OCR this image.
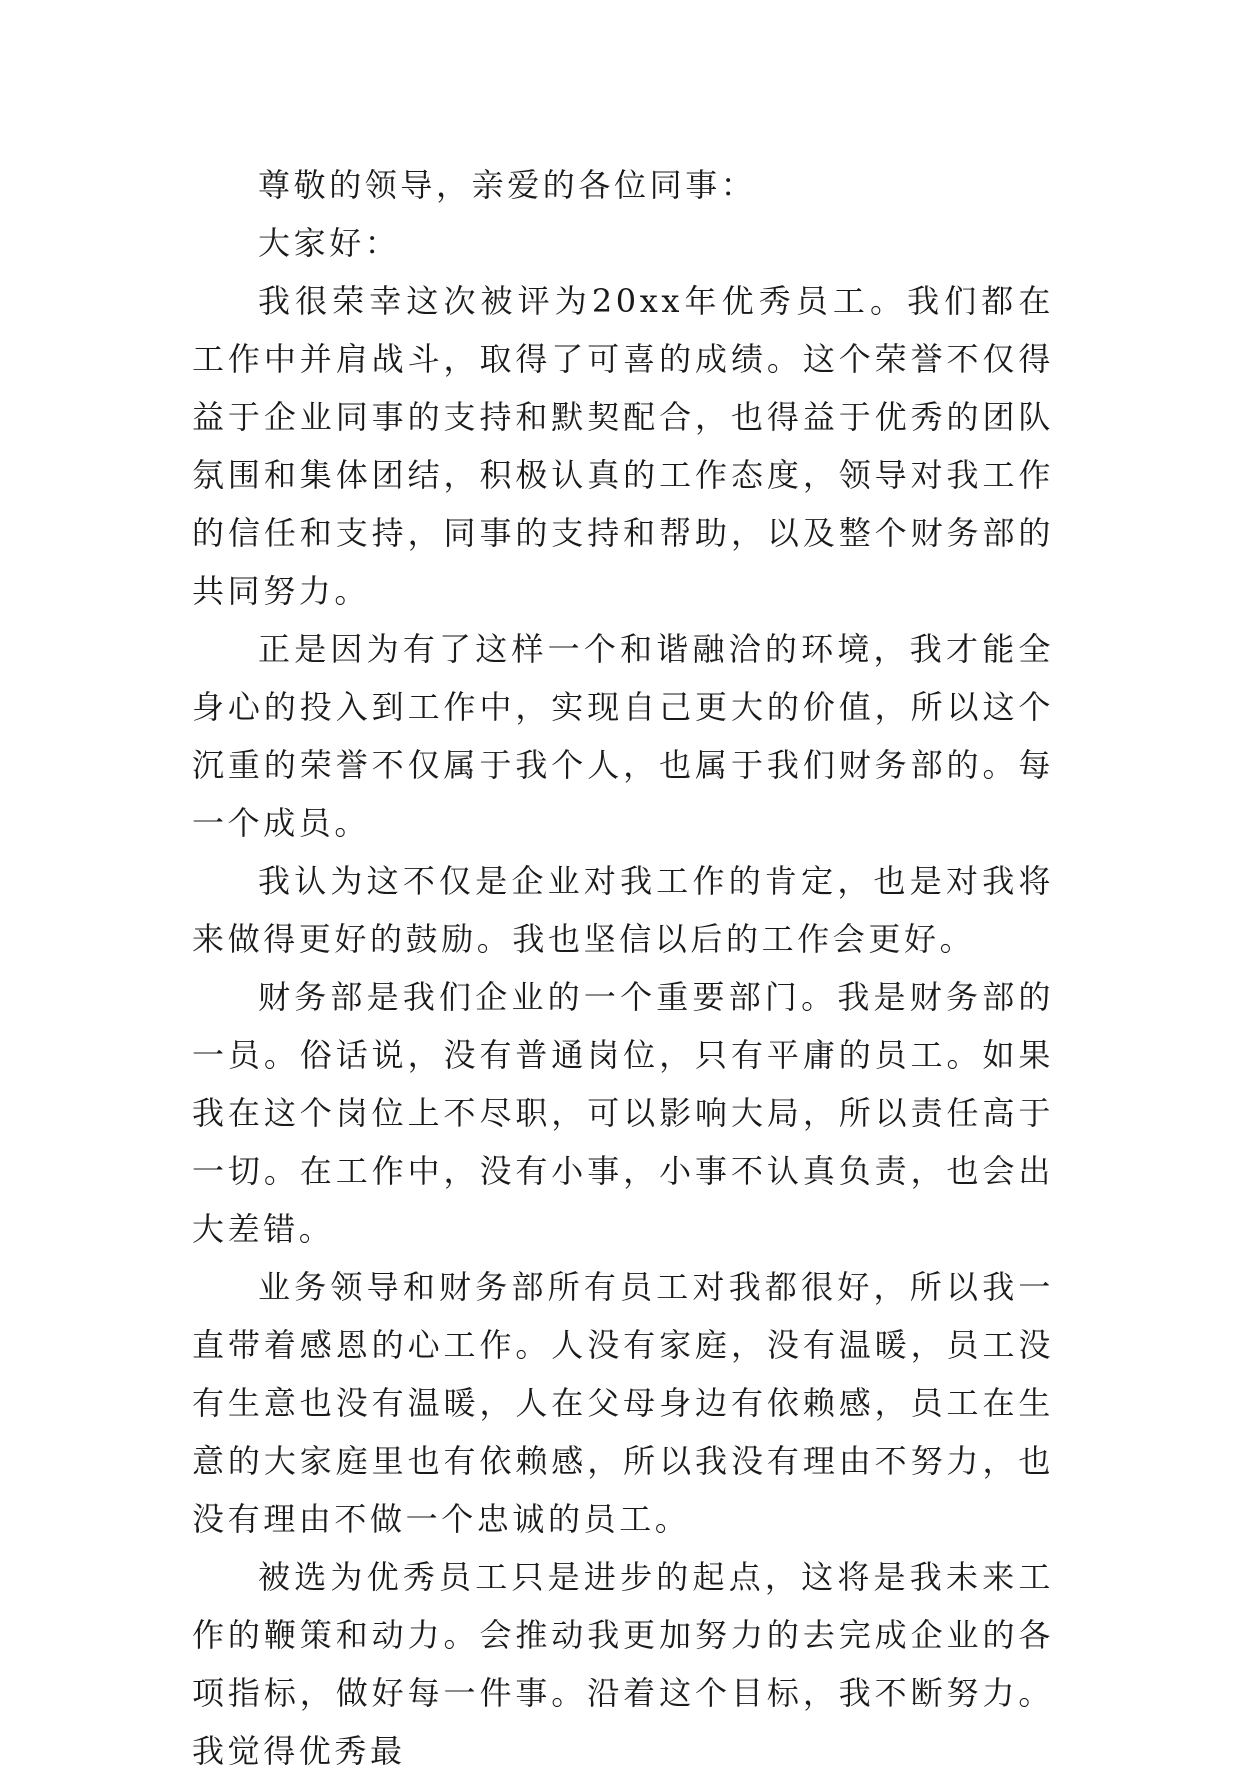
尊敬的领导，亲爱的各位同事：

大家好：

我很荣幸这次被评为20xx年优秀员工。我们都在工作中并肩战斗，取得了可喜的成绩。这个荣誉不仅得益于企业同事的支持和默契配合，也得益于优秀的团队氛围和集体团结，积极认真的工作态度，领导对我工作的信任和支持，同事的支持和帮助，以及整个财务部的共同努力。

正是因为有了这样一个和谐融洽的环境，我才能全身心的投入到工作中，实现自己更大的价值，所以这个沉重的荣誉不仅属于我个人，也属于我们财务部的。每一个成员。

我认为这不仅是企业对我工作的肯定，也是对我将来做得更好的鼓励。我也坚信以后的工作会更好。

财务部是我们企业的一个重要部门。我是财务部的一员。俗话说，没有普通岗位，只有平庸的员工。如果我在这个岗位上不尽职，可以影响大局，所以责任高于一切。在工作中，没有小事，小事不认真负责，也会出大差错。

业务领导和财务部所有员工对我都很好，所以我一直带着感恩的心工作。人没有家庭，没有温暖，员工没有生意也没有温暖，人在父母身边有依赖感，员工在生意的大家庭里也有依赖感，所以我没有理由不努力，也没有理由不做一个忠诚的员工。

被选为优秀员工只是进步的起点，这将是我未来工作的鞭策和动力。会推动我更加努力的去完成企业的各项指标，做好每一件事。沿着这个目标，我不断努力。我觉得优秀最
